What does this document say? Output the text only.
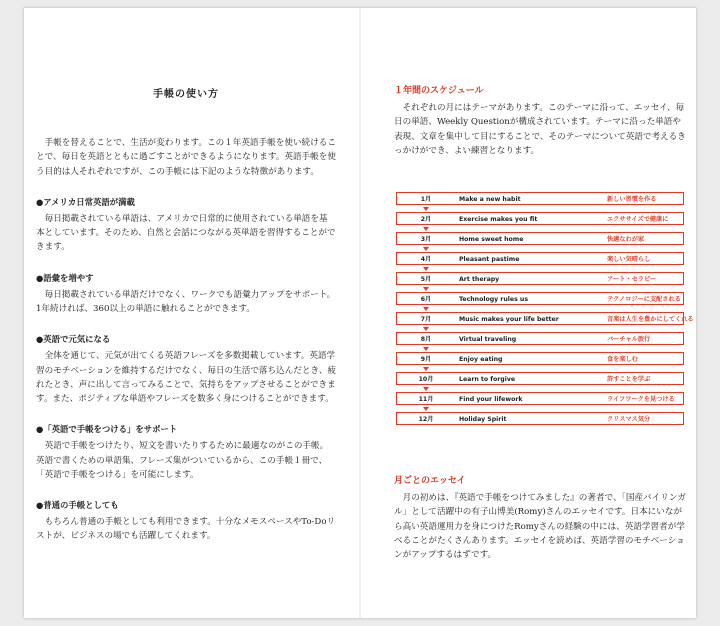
手帳の使い方

手帳を替えることで、生活が変わります。この１年英語手帳を使い続けることで、毎日を英語とともに過ごすことができるようになります。英語手帳を使う目的は人それぞれですが、この手帳には下記のような特徴があります。

●アメリカ日常英語が満載

毎日掲載されている単語は、アメリカで日常的に使用されている単語を基本としています。そのため、自然と会話につながる英単語を習得することができます。

●語彙を増やす

毎日掲載されている単語だけでなく、ワークでも語彙力アップをサポート。1年続ければ、360以上の単語に触れることができます。

●英語で元気になる

全体を通じて、元気が出てくる英語フレーズを多数掲載しています。英語学習のモチベーションを維持するだけでなく、毎日の生活で落ち込んだとき、疲れたとき、声に出して言ってみることで、気持ちをアップさせることができます。また、ポジティブな単語やフレーズを数多く身につけることができます。

●「英語で手帳をつける」をサポート

英語で手帳をつけたり、短文を書いたりするために最適なのがこの手帳。英語で書くための単語集、フレーズ集がついているから、この手帳１冊で、「英語で手帳をつける」を可能にします。

●普通の手帳としても

もちろん普通の手帳としても利用できます。十分なメモスペースやTo-Doリストが、ビジネスの場でも活躍してくれます。

１年間のスケジュール

それぞれの月にはテーマがあります。このテーマに沿って、エッセイ、毎日の単語、Weekly Questionが構成されています。テーマに沿った単語や表現、文章を集中して目にすることで、そのテーマについて英語で考えるきっかけができ、よい練習となります。

1月	Make a new habit	新しい習慣を作る
2月	Exercise makes you fit	エクササイズで健康に
3月	Home sweet home	快適なわが家
4月	Pleasant pastime	楽しい気晴らし
5月	Art therapy	アート・セラピー
6月	Technology rules us	テクノロジーに支配される
7月	Music makes your life better	音楽は人生を豊かにしてくれる
8月	Virtual traveling	バーチャル旅行
9月	Enjoy eating	食を楽しむ
10月	Learn to forgive	許すことを学ぶ
11月	Find your lifework	ライフワークを見つける
12月	Holiday Spirit	クリスマス気分
月ごとのエッセイ

月の初めは、『英語で手帳をつけてみました』の著者で、「国産バイリンガル」として活躍中の有子山博美(Romy)さんのエッセイです。日本にいながら高い英語運用力を身につけたRomyさんの経験の中には、英語学習者が学べることがたくさんあります。エッセイを読めば、英語学習のモチベーションがアップするはずです。
